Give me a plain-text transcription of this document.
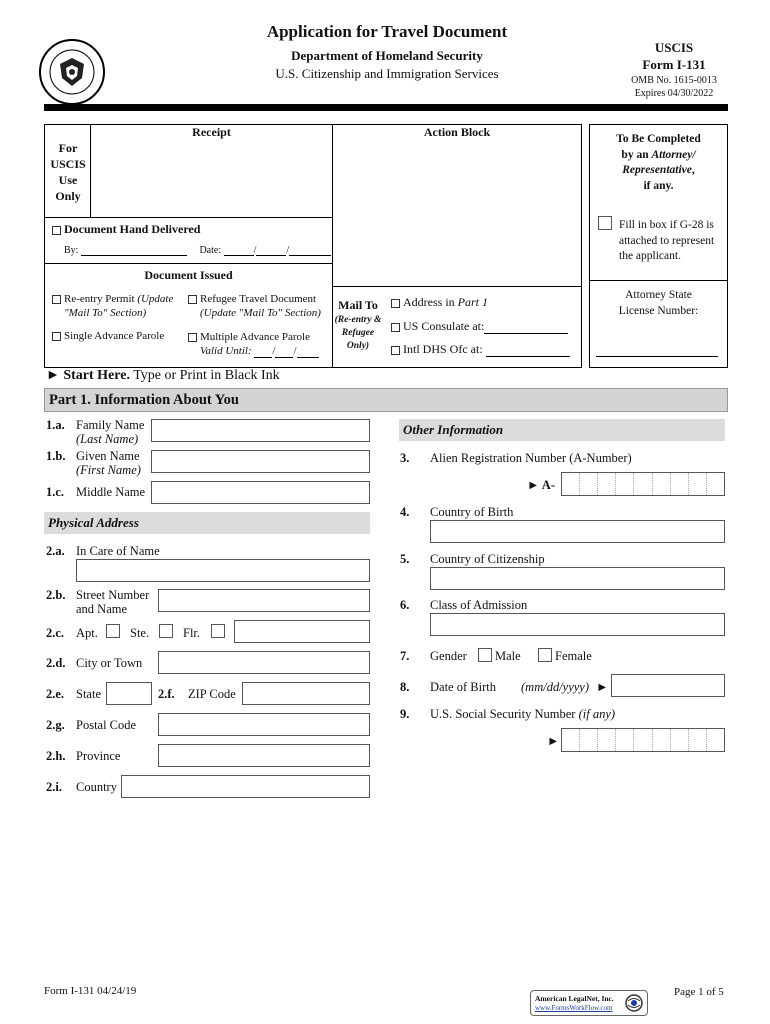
Application for Travel Document
Department of Homeland Security
U.S. Citizenship and Immigration Services
USCIS
Form I-131
OMB No. 1615-0013
Expires 04/30/2022
For
USCIS
Use
Only
Receipt	Action Block
Document Hand Delivered
By:	Date:	/	/
Document Issued
Re-entry Permit (Update
"Mail To" Section)
Refugee Travel Document
(Update "Mail To" Section)
Single Advance Parole	Multiple Advance Parole
Valid Until: / /
Mail To
(Re-entry &
Refugee
Only)
Address in Part 1
US Consulate at:
Intl DHS Ofc at:
To Be Completed
by an Attorney/
Representative,
if any.
Fill in box if G-28 is
attached to represent
the applicant.
Attorney State
License Number:
► Start Here. Type or Print in Black Ink
Part 1. Information About You
1.a. Family Name
(Last Name)
1.b. Given Name
(First Name)
1.c. Middle Name
Physical Address
2.a. In Care of Name
2.b. Street Number
and Name
2.c. Apt.	Ste.	Flr.
2.d. City or Town
2.e. State	2.f. ZIP Code
2.g. Postal Code
2.h. Province
2.i. Country
Other Information
3. Alien Registration Number (A-Number)
► A-
4. Country of Birth
5. Country of Citizenship
6. Class of Admission
7. Gender Male	Female
8. Date of Birth (mm/dd/yyyy) ►
9. U.S. Social Security Number (if any)
►
Form I-131 04/24/19	Page 1 of 5
American LegalNet, Inc.
www.FormsWorkFlow.com
